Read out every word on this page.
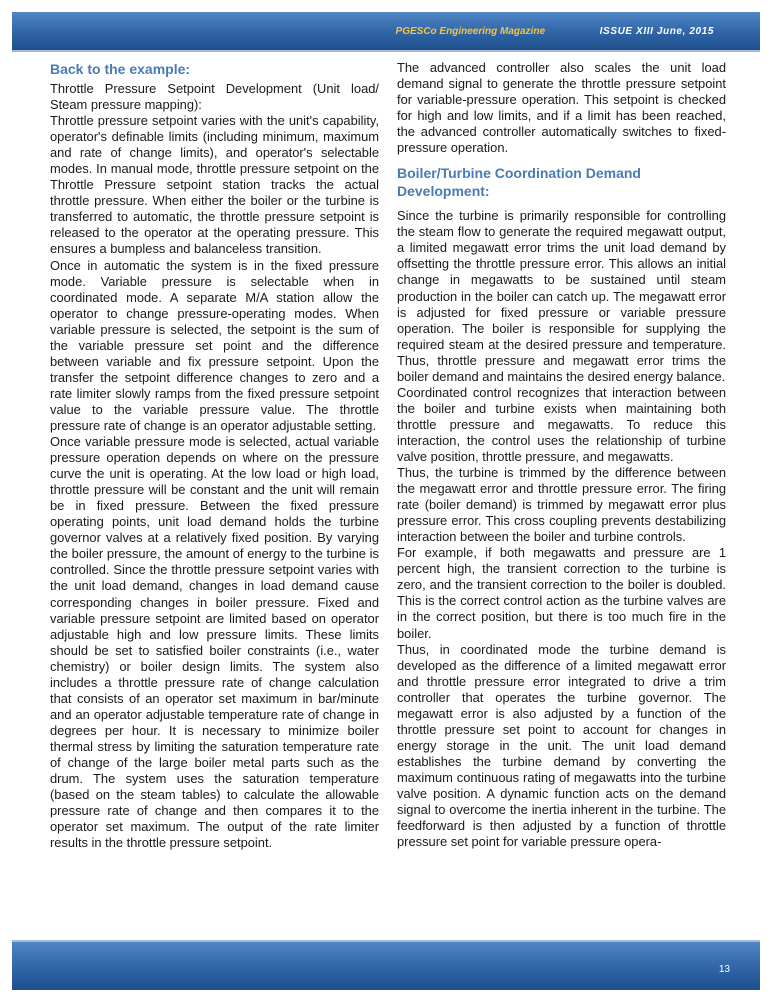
PGESCo Engineering Magazine	ISSUE XIII June, 2015
Back to the example:

Throttle Pressure Setpoint Development (Unit load/ Steam pressure mapping):

Throttle pressure setpoint varies with the unit's capability, operator's definable limits (including minimum, maximum and rate of change limits), and operator's selectable modes. In manual mode, throttle pressure setpoint on the Throttle Pressure setpoint station tracks the actual throttle pressure. When either the boiler or the turbine is transferred to automatic, the throttle pressure setpoint is released to the operator at the operating pressure. This ensures a bumpless and balanceless transition.

Once in automatic the system is in the fixed pressure mode. Variable pressure is selectable when in coordinated mode. A separate M/A station allow the operator to change pressure-operating modes. When variable pressure is selected, the setpoint is the sum of the variable pressure set point and the difference between variable and fix pressure setpoint. Upon the transfer the setpoint difference changes to zero and a rate limiter slowly ramps from the fixed pressure setpoint value to the variable pressure value. The throttle pressure rate of change is an operator adjustable setting.

Once variable pressure mode is selected, actual variable pressure operation depends on where on the pressure curve the unit is operating. At the low load or high load, throttle pressure will be constant and the unit will remain be in fixed pressure. Between the fixed pressure operating points, unit load demand holds the turbine governor valves at a relatively fixed position. By varying the boiler pressure, the amount of energy to the turbine is controlled. Since the throttle pressure setpoint varies with the unit load demand, changes in load demand cause corresponding changes in boiler pressure. Fixed and variable pressure setpoint are limited based on operator adjustable high and low pressure limits. These limits should be set to satisfied boiler constraints (i.e., water chemistry) or boiler design limits. The system also includes a throttle pressure rate of change calculation that consists of an operator set maximum in bar/minute and an operator adjustable temperature rate of change in degrees per hour. It is necessary to minimize boiler thermal stress by limiting the saturation temperature rate of change of the large boiler metal parts such as the drum. The system uses the saturation temperature (based on the steam tables) to calculate the allowable pressure rate of change and then compares it to the operator set maximum. The output of the rate limiter results in the throttle pressure setpoint.

The advanced controller also scales the unit load demand signal to generate the throttle pressure setpoint for variable-pressure operation. This setpoint is checked for high and low limits, and if a limit has been reached, the advanced controller automatically switches to fixed-pressure operation.

Boiler/Turbine Coordination Demand Development:

Since the turbine is primarily responsible for controlling the steam flow to generate the required megawatt output, a limited megawatt error trims the unit load demand by offsetting the throttle pressure error. This allows an initial change in megawatts to be sustained until steam production in the boiler can catch up. The megawatt error is adjusted for fixed pressure or variable pressure operation. The boiler is responsible for supplying the required steam at the desired pressure and temperature. Thus, throttle pressure and megawatt error trims the boiler demand and maintains the desired energy balance.

Coordinated control recognizes that interaction between the boiler and turbine exists when maintaining both throttle pressure and megawatts. To reduce this interaction, the control uses the relationship of turbine valve position, throttle pressure, and megawatts.

Thus, the turbine is trimmed by the difference between the megawatt error and throttle pressure error. The firing rate (boiler demand) is trimmed by megawatt error plus pressure error. This cross coupling prevents destabilizing interaction between the boiler and turbine controls.

For example, if both megawatts and pressure are 1 percent high, the transient correction to the turbine is zero, and the transient correction to the boiler is doubled. This is the correct control action as the turbine valves are in the correct position, but there is too much fire in the boiler.

Thus, in coordinated mode the turbine demand is developed as the difference of a limited megawatt error and throttle pressure error integrated to drive a trim controller that operates the turbine governor. The megawatt error is also adjusted by a function of the throttle pressure set point to account for changes in energy storage in the unit. The unit load demand establishes the turbine demand by converting the maximum continuous rating of megawatts into the turbine valve position. A dynamic function acts on the demand signal to overcome the inertia inherent in the turbine. The feedforward is then adjusted by a function of throttle pressure set point for variable pressure opera-

13
